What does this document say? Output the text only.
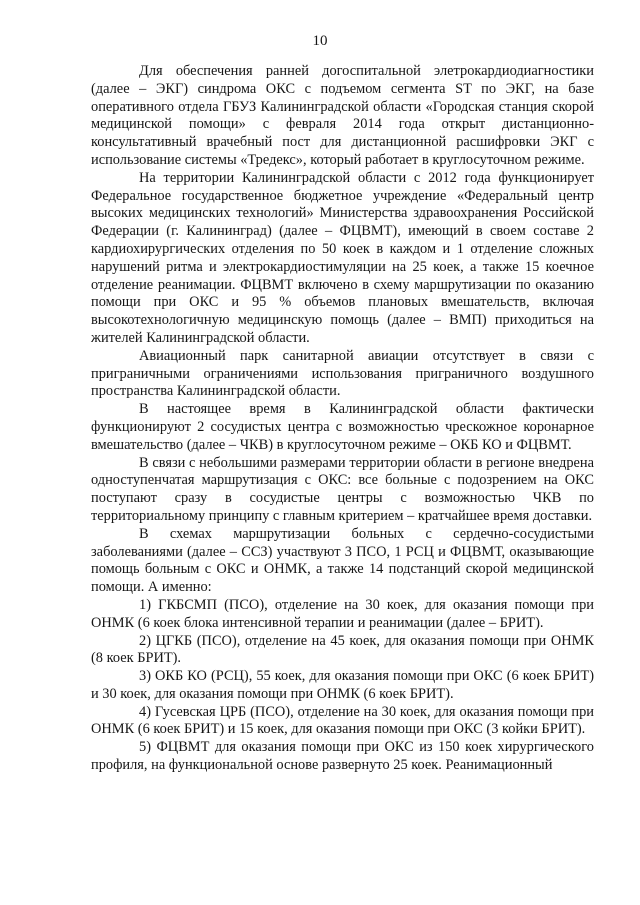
10

Для обеспечения ранней догоспитальной элетрокардиодиагностики (далее – ЭКГ) синдрома ОКС с подъемом сегмента ST по ЭКГ, на базе оперативного отдела ГБУЗ Калининградской области «Городская станция скорой медицинской помощи» с февраля 2014 года открыт дистанционно-консультативный врачебный пост для дистанционной расшифровки ЭКГ с использование системы «Тредекс», который работает в круглосуточном режиме.

На территории Калининградской области с 2012 года функционирует Федеральное государственное бюджетное учреждение «Федеральный центр высоких медицинских технологий» Министерства здравоохранения Российской Федерации (г. Калининград) (далее – ФЦВМТ), имеющий в своем составе 2 кардиохирургических отделения по 50 коек в каждом и 1 отделение сложных нарушений ритма и электрокардиостимуляции на 25 коек, а также 15 коечное отделение реанимации. ФЦВМТ включено в схему маршрутизации по оказанию помощи при ОКС и 95 % объемов плановых вмешательств, включая высокотехнологичную медицинскую помощь (далее – ВМП) приходиться на жителей Калининградской области.

Авиационный парк санитарной авиации отсутствует в связи с приграничными ограничениями использования приграничного воздушного пространства Калининградской области.

В настоящее время в Калининградской области фактически функционируют 2 сосудистых центра с возможностью чрескожное коронарное вмешательство (далее – ЧКВ) в круглосуточном режиме – ОКБ КО и ФЦВМТ.

В связи с небольшими размерами территории области в регионе внедрена одноступенчатая маршрутизация с ОКС: все больные с подозрением на ОКС поступают сразу в сосудистые центры с возможностью ЧКВ по территориальному принципу с главным критерием – кратчайшее время доставки.

В схемах маршрутизации больных с сердечно-сосудистыми заболеваниями (далее – ССЗ) участвуют 3 ПСО, 1 РСЦ и ФЦВМТ, оказывающие помощь больным с ОКС и ОНМК, а также 14 подстанций скорой медицинской помощи. А именно:

1) ГКБСМП (ПСО), отделение на 30 коек, для оказания помощи при ОНМК (6 коек блока интенсивной терапии и реанимации (далее – БРИТ).

2) ЦГКБ (ПСО), отделение на 45 коек, для оказания помощи при ОНМК (8 коек БРИТ).

3) ОКБ КО (РСЦ), 55 коек, для оказания помощи при ОКС (6 коек БРИТ) и 30 коек, для оказания помощи при ОНМК (6 коек БРИТ).

4) Гусевская ЦРБ (ПСО), отделение на 30 коек, для оказания помощи при ОНМК (6 коек БРИТ) и 15 коек, для оказания помощи при ОКС (3 койки БРИТ).

5) ФЦВМТ для оказания помощи при ОКС из 150 коек хирургического профиля, на функциональной основе развернуто 25 коек. Реанимационный
